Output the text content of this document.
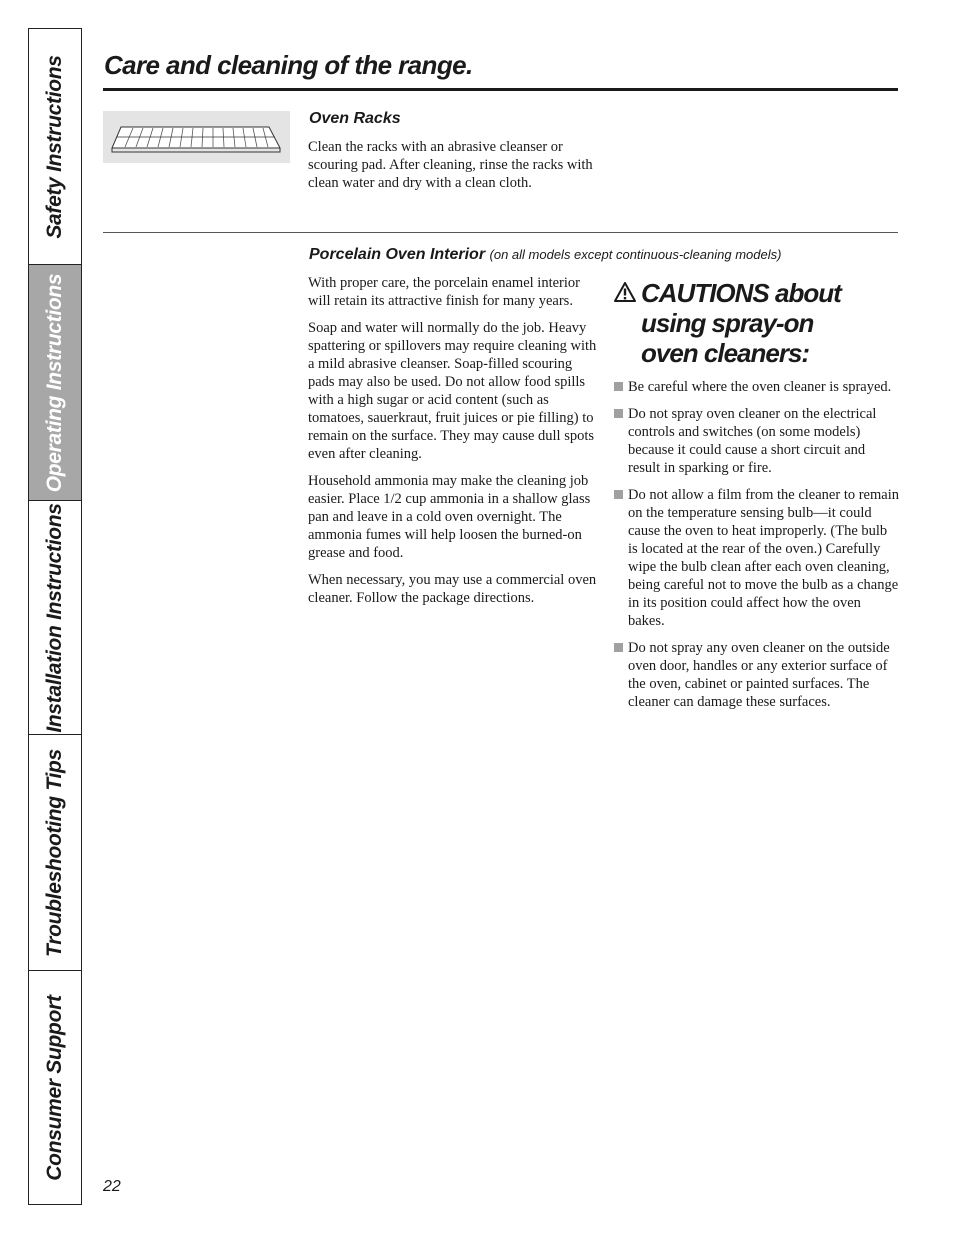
Safety Instructions
Operating Instructions
Installation Instructions
Troubleshooting Tips
Consumer Support
Care and cleaning of the range.
Oven Racks

Clean the racks with an abrasive cleanser or scouring pad. After cleaning, rinse the racks with clean water and dry with a clean cloth.

Porcelain Oven Interior (on all models except continuous-cleaning models)

With proper care, the porcelain enamel interior will retain its attractive finish for many years.

Soap and water will normally do the job. Heavy spattering or spillovers may require cleaning with a mild abrasive cleanser. Soap-filled scouring pads may also be used. Do not allow food spills with a high sugar or acid content (such as tomatoes, sauerkraut, fruit juices or pie filling) to remain on the surface. They may cause dull spots even after cleaning.

Household ammonia may make the cleaning job easier. Place 1/2 cup ammonia in a shallow glass pan and leave in a cold oven overnight. The ammonia fumes will help loosen the burned-on grease and food.

When necessary, you may use a commercial oven cleaner. Follow the package directions.

CAUTIONS about
using spray-on
oven cleaners:
Be careful where the oven cleaner is sprayed.
Do not spray oven cleaner on the electrical controls and switches (on some models) because it could cause a short circuit and result in sparking or fire.
Do not allow a film from the cleaner to remain on the temperature sensing bulb—it could cause the oven to heat improperly. (The bulb is located at the rear of the oven.) Carefully wipe the bulb clean after each oven cleaning, being careful not to move the bulb as a change in its position could affect how the oven bakes.
Do not spray any oven cleaner on the outside oven door, handles or any exterior surface of the oven, cabinet or painted surfaces. The cleaner can damage these surfaces.
22
